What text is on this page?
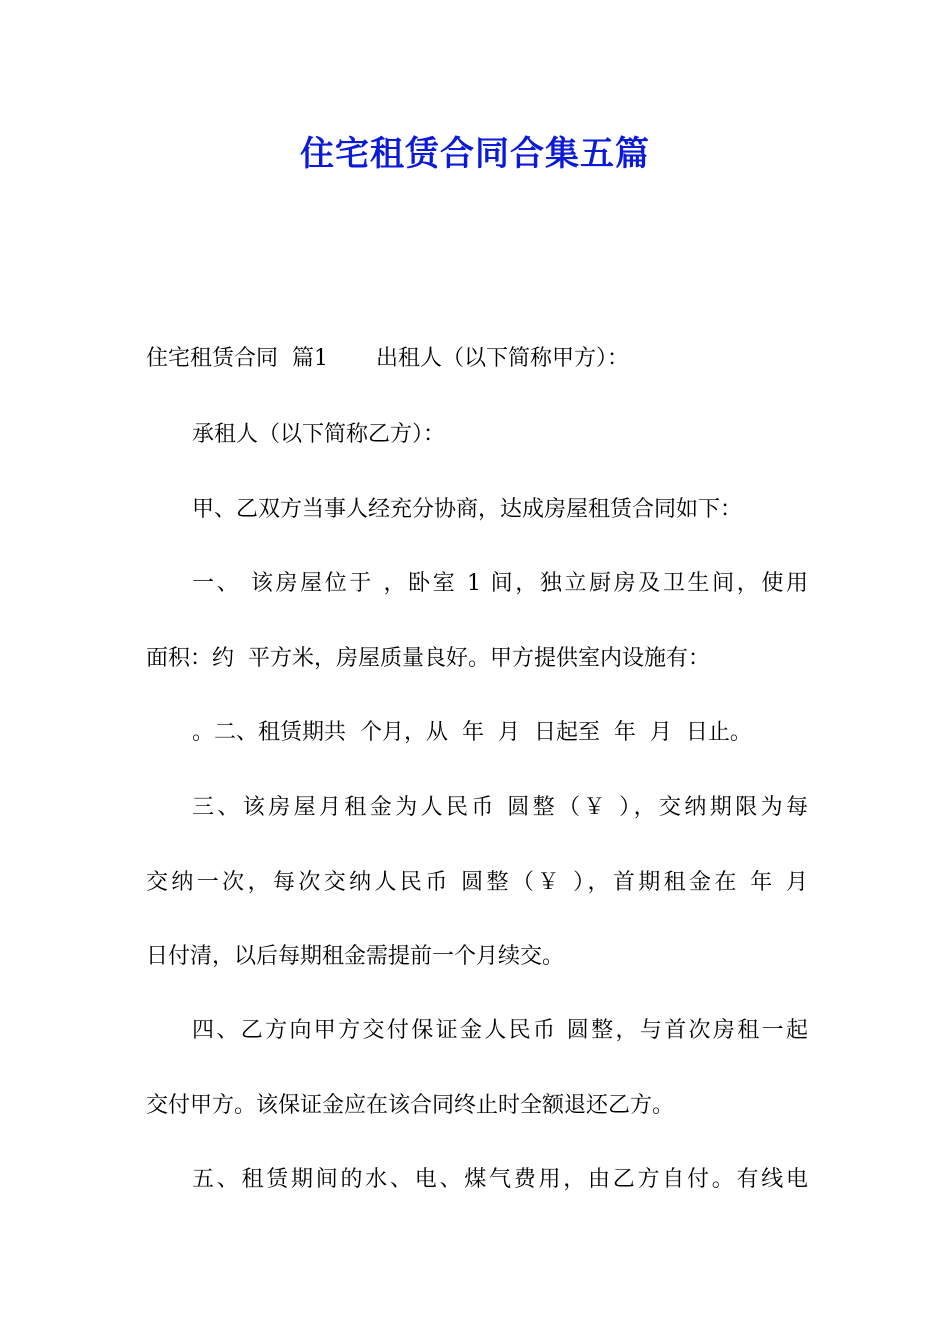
住宅租赁合同合集五篇

住宅租赁合同  篇1 出租人（以下简称甲方）：

承租人（以下简称乙方）：

甲、乙双方当事人经充分协商，达成房屋租赁合同如下：

一、 该房屋位于 ，卧室 1 间，独立厨房及卫生间，使用

面积：约  平方米，房屋质量良好。甲方提供室内设施有：

。二、租赁期共  个月，从  年  月  日起至  年  月  日止。

三、该房屋月租金为人民币 圆整（￥ ），交纳期限为每

交纳一次，每次交纳人民币 圆整（￥ ），首期租金在 年 月

日付清，以后每期租金需提前一个月续交。

四、乙方向甲方交付保证金人民币 圆整，与首次房租一起

交付甲方。该保证金应在该合同终止时全额退还乙方。

五、租赁期间的水、电、煤气费用，由乙方自付。有线电
